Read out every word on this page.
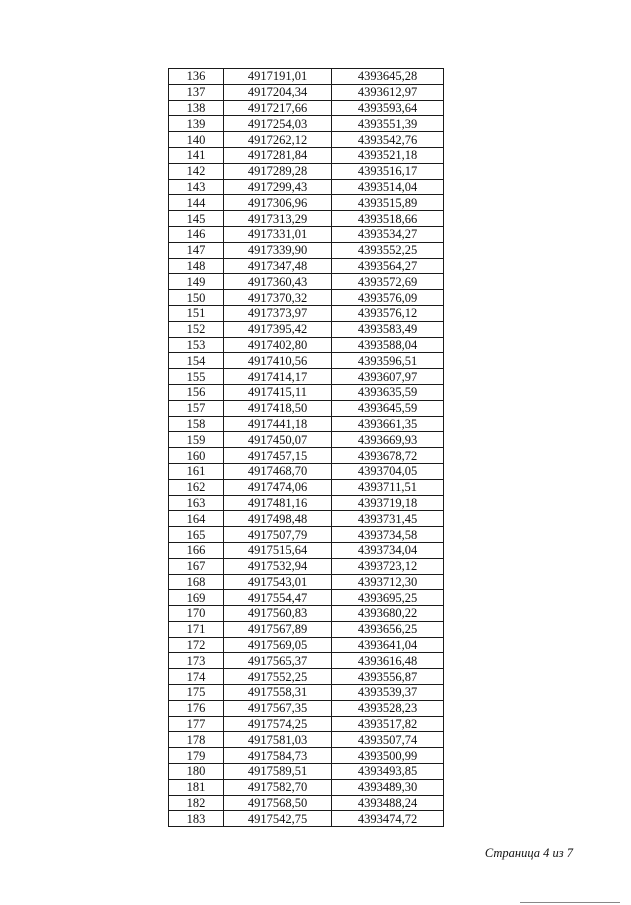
136	4917191,01	4393645,28
137	4917204,34	4393612,97
138	4917217,66	4393593,64
139	4917254,03	4393551,39
140	4917262,12	4393542,76
141	4917281,84	4393521,18
142	4917289,28	4393516,17
143	4917299,43	4393514,04
144	4917306,96	4393515,89
145	4917313,29	4393518,66
146	4917331,01	4393534,27
147	4917339,90	4393552,25
148	4917347,48	4393564,27
149	4917360,43	4393572,69
150	4917370,32	4393576,09
151	4917373,97	4393576,12
152	4917395,42	4393583,49
153	4917402,80	4393588,04
154	4917410,56	4393596,51
155	4917414,17	4393607,97
156	4917415,11	4393635,59
157	4917418,50	4393645,59
158	4917441,18	4393661,35
159	4917450,07	4393669,93
160	4917457,15	4393678,72
161	4917468,70	4393704,05
162	4917474,06	4393711,51
163	4917481,16	4393719,18
164	4917498,48	4393731,45
165	4917507,79	4393734,58
166	4917515,64	4393734,04
167	4917532,94	4393723,12
168	4917543,01	4393712,30
169	4917554,47	4393695,25
170	4917560,83	4393680,22
171	4917567,89	4393656,25
172	4917569,05	4393641,04
173	4917565,37	4393616,48
174	4917552,25	4393556,87
175	4917558,31	4393539,37
176	4917567,35	4393528,23
177	4917574,25	4393517,82
178	4917581,03	4393507,74
179	4917584,73	4393500,99
180	4917589,51	4393493,85
181	4917582,70	4393489,30
182	4917568,50	4393488,24
183	4917542,75	4393474,72
Страница 4 из 7
